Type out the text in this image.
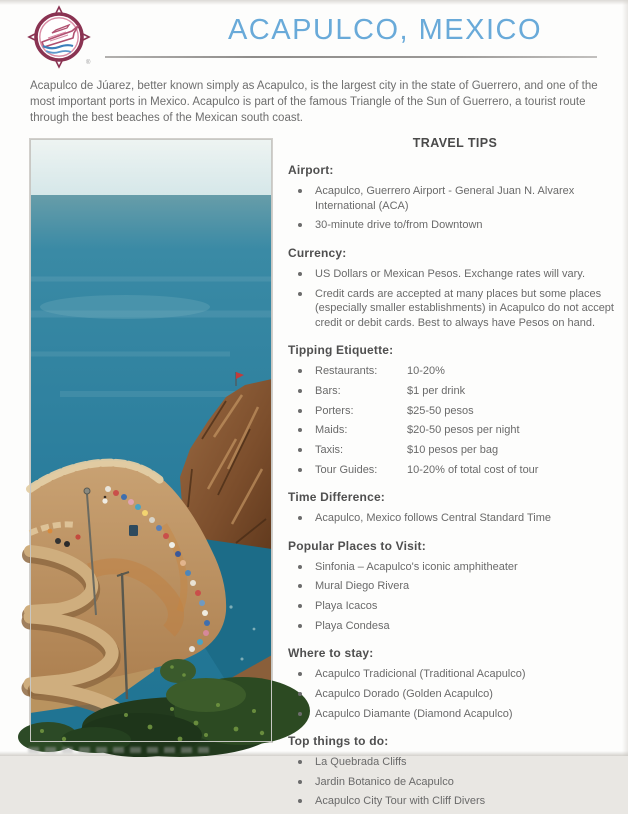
®
ACAPULCO, MEXICO
Acapulco de Júarez, better known simply as Acapulco, is the largest city in the state of Guerrero, and one of the most important ports in Mexico. Acapulco is part of the famous Triangle of the Sun of Guerrero, a tourist route through the best beaches of the Mexican south coast.
TRAVEL TIPS
Airport:
Acapulco, Guerrero Airport - General Juan N. Alvarex International (ACA)
30-minute drive to/from Downtown
Currency:
US Dollars or Mexican Pesos. Exchange rates will vary.
Credit cards are accepted at many places but some places (especially smaller establishments) in Acapulco do not accept credit or debit cards. Best to always have Pesos on hand.
Tipping Etiquette:
Restaurants:	10-20%
Bars:	$1 per drink
Porters:	$25-50 pesos
Maids:	$20-50 pesos per night
Taxis:	$10 pesos per bag
Tour Guides:	10-20% of total cost of tour
Time Difference:
Acapulco, Mexico follows Central Standard Time
Popular Places to Visit:
Sinfonia – Acapulco's iconic amphitheater
Mural Diego Rivera
Playa Icacos
Playa Condesa
Where to stay:
Acapulco Tradicional (Traditional Acapulco)
Acapulco Dorado (Golden Acapulco)
Acapulco Diamante (Diamond Acapulco)
Top things to do:
La Quebrada Cliffs
Jardin Botanico de Acapulco
Acapulco City Tour with Cliff Divers
